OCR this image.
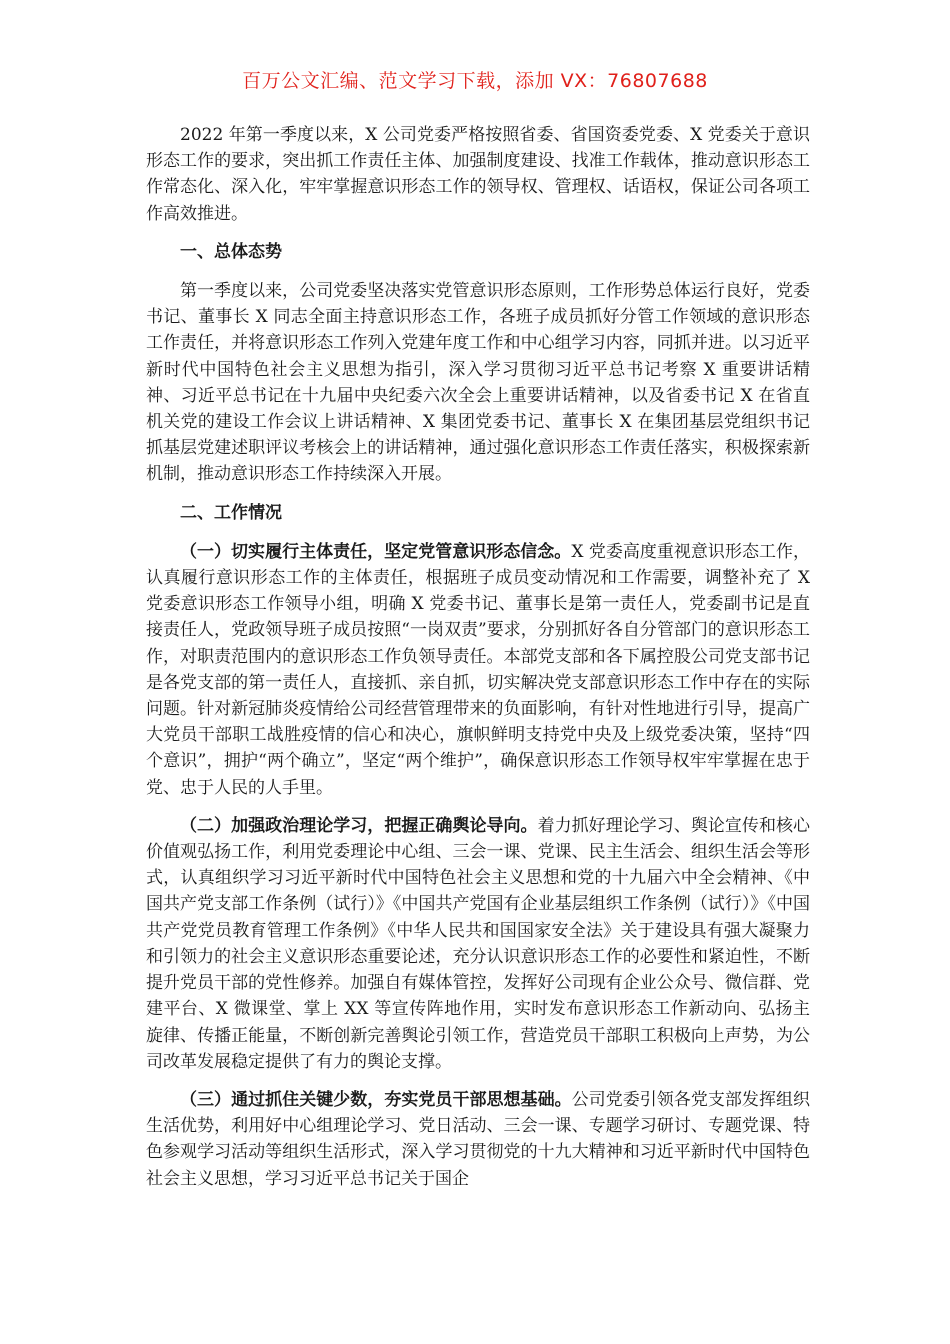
百万公文汇编、范文学习下载，添加 VX：76807688

2022 年第一季度以来，X 公司党委严格按照省委、省国资委党委、X 党委关于意识形态工作的要求，突出抓工作责任主体、加强制度建设、找准工作载体，推动意识形态工作常态化、深入化，牢牢掌握意识形态工作的领导权、管理权、话语权，保证公司各项工作高效推进。

一、总体态势

第一季度以来，公司党委坚决落实党管意识形态原则，工作形势总体运行良好，党委书记、董事长 X 同志全面主持意识形态工作，各班子成员抓好分管工作领域的意识形态工作责任，并将意识形态工作列入党建年度工作和中心组学习内容，同抓并进。以习近平新时代中国特色社会主义思想为指引，深入学习贯彻习近平总书记考察 X 重要讲话精神、习近平总书记在十九届中央纪委六次全会上重要讲话精神，以及省委书记 X 在省直机关党的建设工作会议上讲话精神、X 集团党委书记、董事长 X 在集团基层党组织书记抓基层党建述职评议考核会上的讲话精神，通过强化意识形态工作责任落实，积极探索新机制，推动意识形态工作持续深入开展。

二、工作情况

（一）切实履行主体责任，坚定党管意识形态信念。X 党委高度重视意识形态工作，认真履行意识形态工作的主体责任，根据班子成员变动情况和工作需要，调整补充了 X 党委意识形态工作领导小组，明确 X 党委书记、董事长是第一责任人，党委副书记是直接责任人，党政领导班子成员按照“一岗双责”要求，分别抓好各自分管部门的意识形态工作，对职责范围内的意识形态工作负领导责任。本部党支部和各下属控股公司党支部书记是各党支部的第一责任人，直接抓、亲自抓，切实解决党支部意识形态工作中存在的实际问题。针对新冠肺炎疫情给公司经营管理带来的负面影响，有针对性地进行引导，提高广大党员干部职工战胜疫情的信心和决心，旗帜鲜明支持党中央及上级党委决策，坚持“四个意识”，拥护“两个确立”，坚定“两个维护”，确保意识形态工作领导权牢牢掌握在忠于党、忠于人民的人手里。

（二）加强政治理论学习，把握正确舆论导向。着力抓好理论学习、舆论宣传和核心价值观弘扬工作，利用党委理论中心组、三会一课、党课、民主生活会、组织生活会等形式，认真组织学习习近平新时代中国特色社会主义思想和党的十九届六中全会精神、《中国共产党支部工作条例（试行）》《中国共产党国有企业基层组织工作条例（试行）》《中国共产党党员教育管理工作条例》《中华人民共和国国家安全法》关于建设具有强大凝聚力和引领力的社会主义意识形态重要论述，充分认识意识形态工作的必要性和紧迫性，不断提升党员干部的党性修养。加强自有媒体管控，发挥好公司现有企业公众号、微信群、党建平台、X 微课堂、掌上 XX 等宣传阵地作用，实时发布意识形态工作新动向、弘扬主旋律、传播正能量，不断创新完善舆论引领工作，营造党员干部职工积极向上声势，为公司改革发展稳定提供了有力的舆论支撑。

（三）通过抓住关键少数，夯实党员干部思想基础。公司党委引领各党支部发挥组织生活优势，利用好中心组理论学习、党日活动、三会一课、专题学习研讨、专题党课、特色参观学习活动等组织生活形式，深入学习贯彻党的十九大精神和习近平新时代中国特色社会主义思想，学习习近平总书记关于国企
